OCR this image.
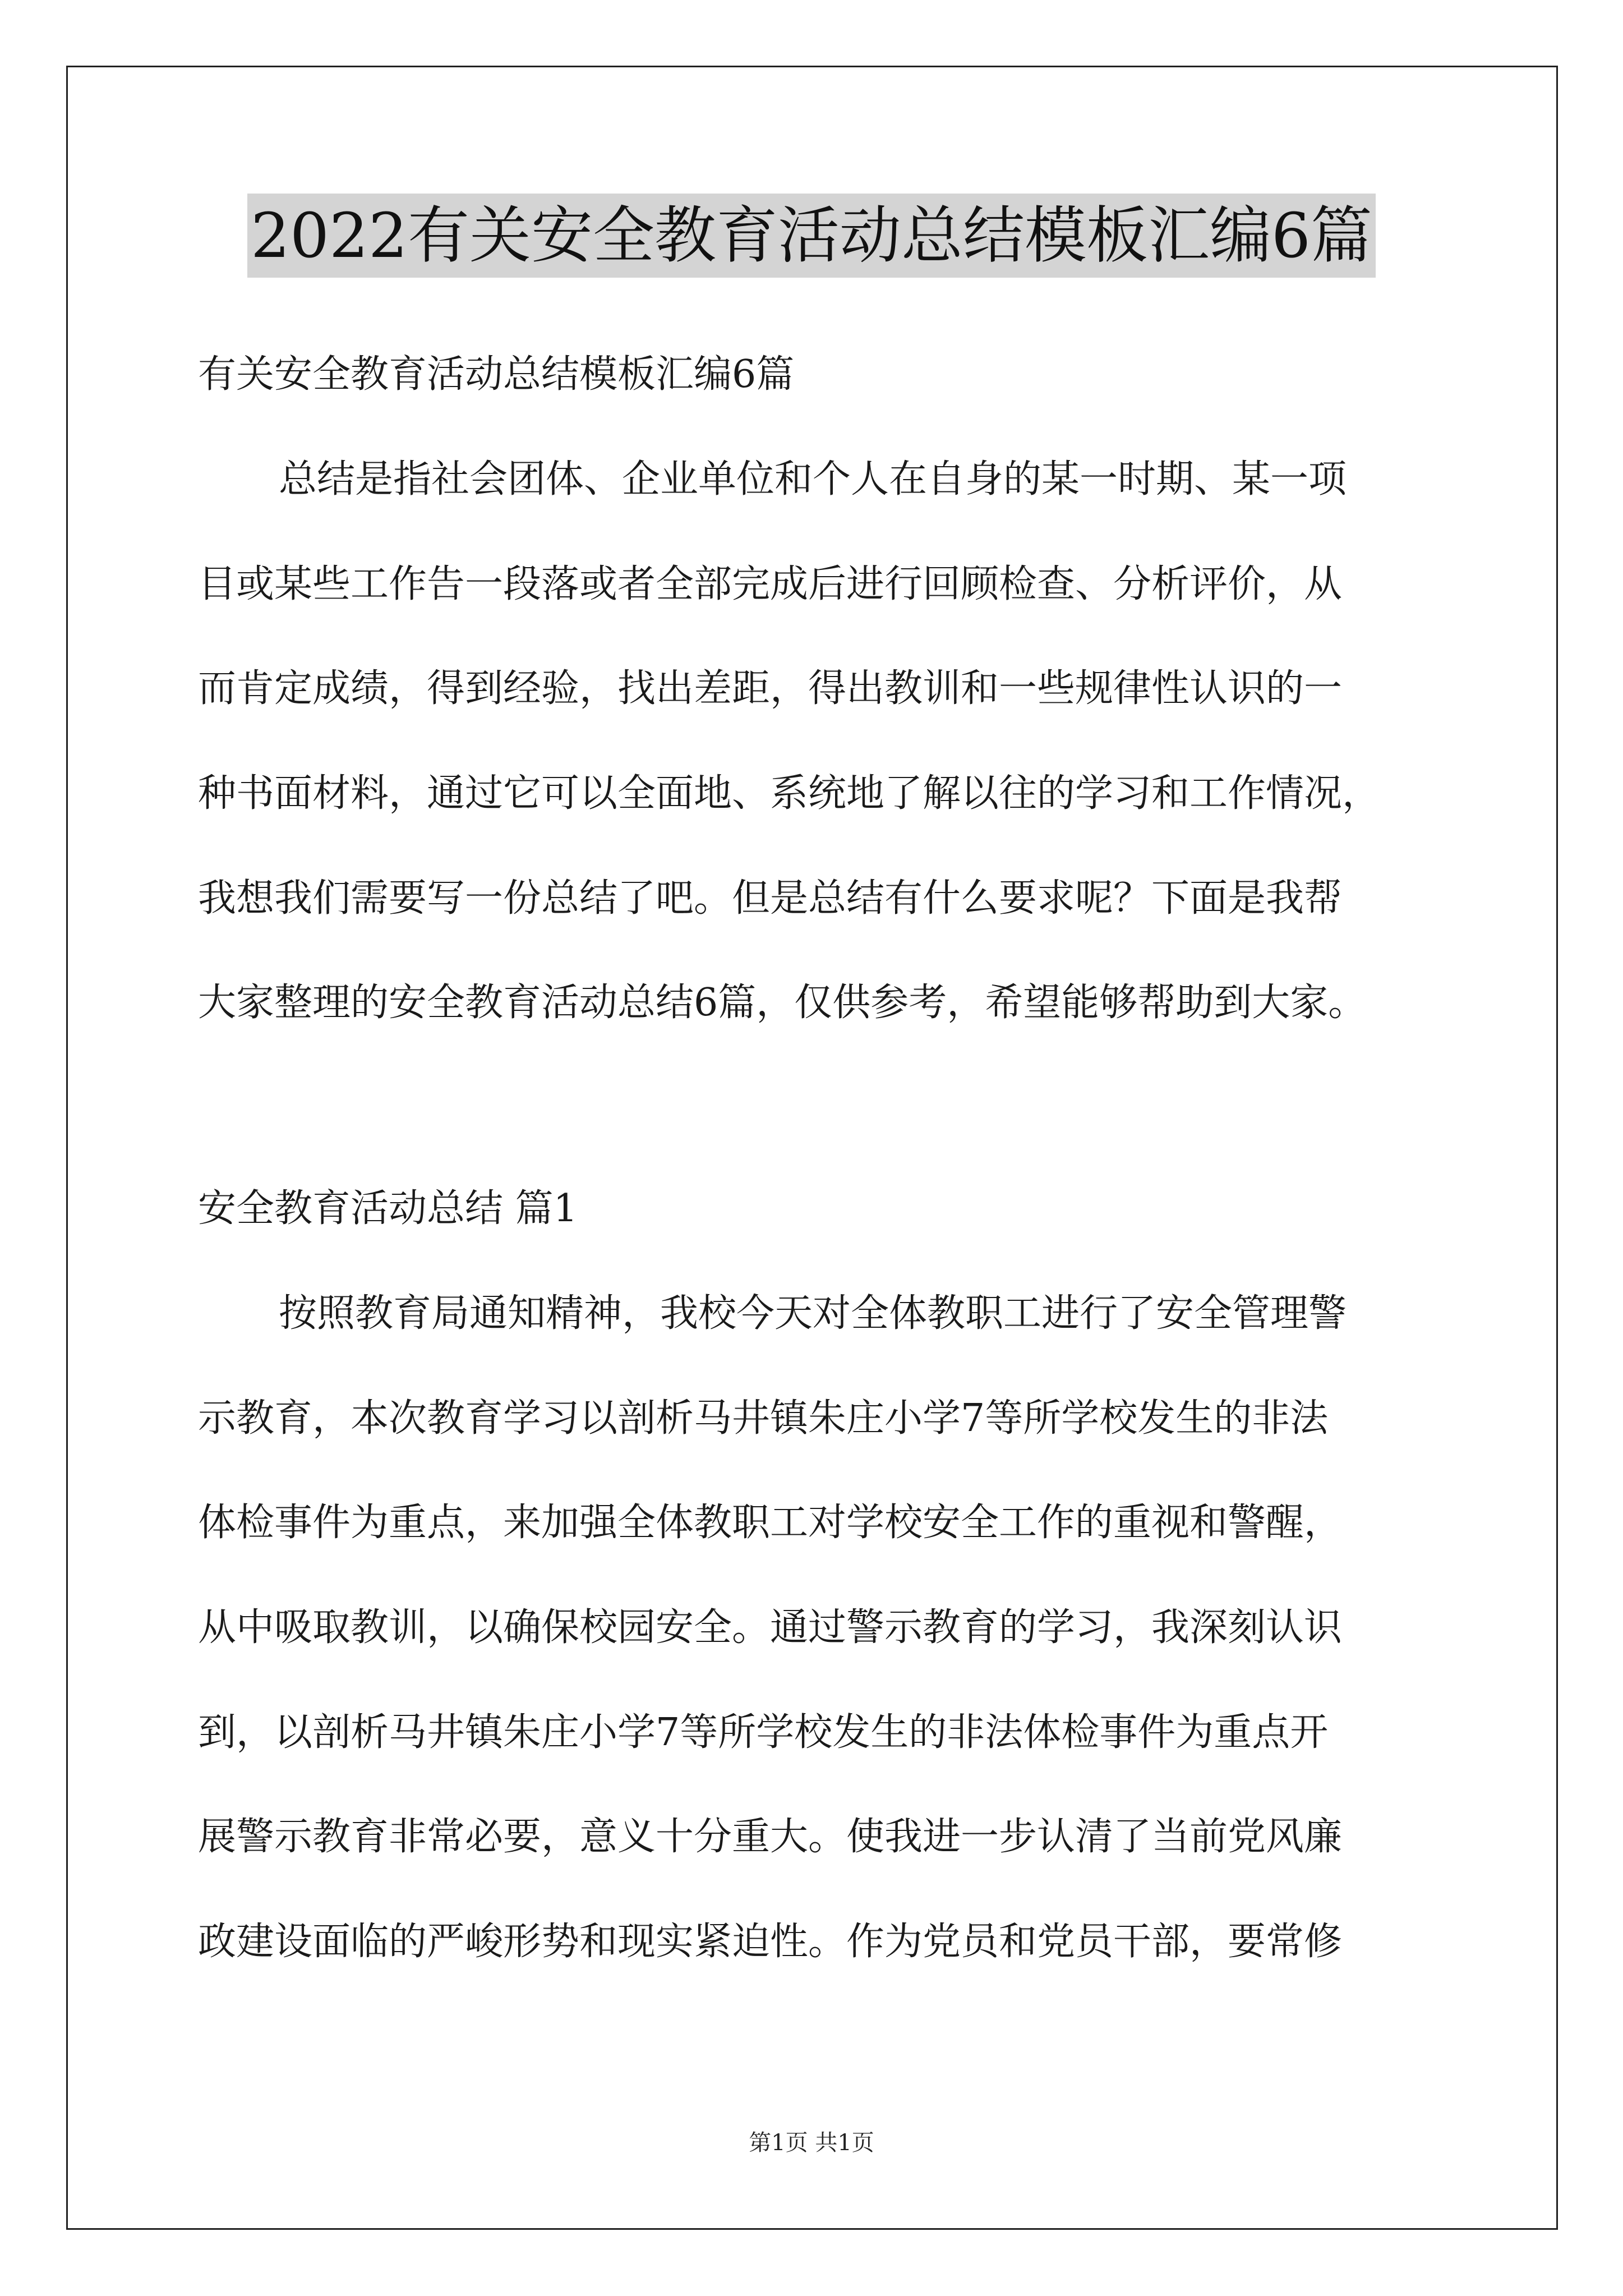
2022有关安全教育活动总结模板汇编6篇
有关安全教育活动总结模板汇编6篇
总结是指社会团体、企业单位和个人在自身的某一时期、某一项
目或某些工作告一段落或者全部完成后进行回顾检查、分析评价，从
而肯定成绩，得到经验，找出差距，得出教训和一些规律性认识的一
种书面材料，通过它可以全面地、系统地了解以往的学习和工作情况，
我想我们需要写一份总结了吧。但是总结有什么要求呢？下面是我帮
大家整理的安全教育活动总结6篇，仅供参考，希望能够帮助到大家。
安全教育活动总结 篇1
按照教育局通知精神，我校今天对全体教职工进行了安全管理警
示教育，本次教育学习以剖析马井镇朱庄小学7等所学校发生的非法
体检事件为重点，来加强全体教职工对学校安全工作的重视和警醒，
从中吸取教训，以确保校园安全。通过警示教育的学习，我深刻认识
到，以剖析马井镇朱庄小学7等所学校发生的非法体检事件为重点开
展警示教育非常必要，意义十分重大。使我进一步认清了当前党风廉
政建设面临的严峻形势和现实紧迫性。作为党员和党员干部，要常修
第1页 共1页
